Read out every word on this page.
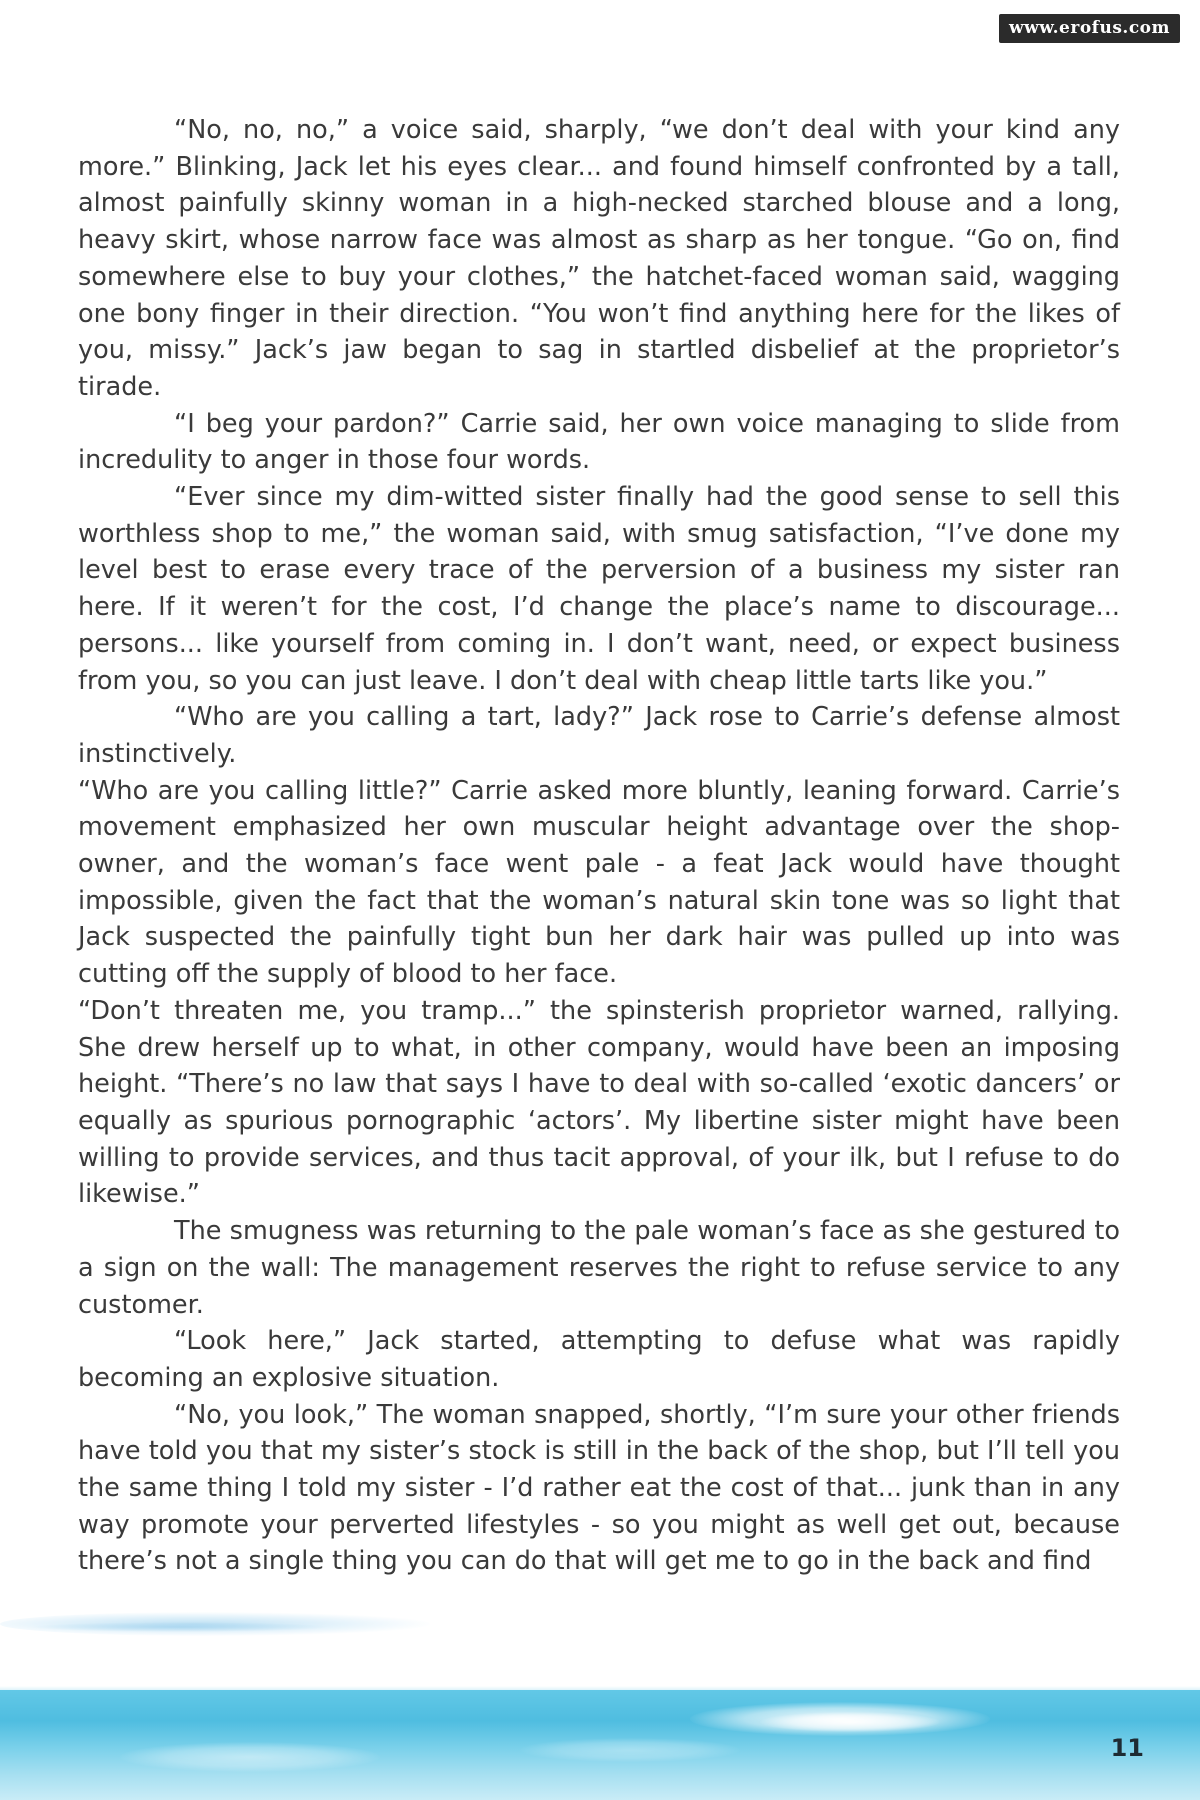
www.erofus.com

“No, no, no,” a voice said, sharply, “we don’t deal with your kind any more.” Blinking, Jack let his eyes clear... and found himself confronted by a tall, almost painfully skinny woman in a high-necked starched blouse and a long, heavy skirt, whose narrow face was almost as sharp as her tongue. “Go on, find somewhere else to buy your clothes,” the hatchet-faced woman said, wagging one bony finger in their direction. “You won’t find anything here for the likes of you, missy.” Jack’s jaw began to sag in startled disbelief at the proprietor’s tirade.

“I beg your pardon?” Carrie said, her own voice managing to slide from incredulity to anger in those four words.

“Ever since my dim-witted sister finally had the good sense to sell this worthless shop to me,” the woman said, with smug satisfaction, “I’ve done my level best to erase every trace of the perversion of a business my sister ran here. If it weren’t for the cost, I’d change the place’s name to discourage... persons... like yourself from coming in. I don’t want, need, or expect business from you, so you can just leave. I don’t deal with cheap little tarts like you.”

“Who are you calling a tart, lady?” Jack rose to Carrie’s defense almost instinctively.

“Who are you calling little?” Carrie asked more bluntly, leaning forward. Carrie’s movement emphasized her own muscular height advantage over the shop-owner, and the woman’s face went pale - a feat Jack would have thought impossible, given the fact that the woman’s natural skin tone was so light that Jack suspected the painfully tight bun her dark hair was pulled up into was cutting off the supply of blood to her face.

“Don’t threaten me, you tramp...” the spinsterish proprietor warned, rallying. She drew herself up to what, in other company, would have been an imposing height. “There’s no law that says I have to deal with so-called ‘exotic dancers’ or equally as spurious pornographic ‘actors’. My libertine sister might have been willing to provide services, and thus tacit approval, of your ilk, but I refuse to do likewise.”

The smugness was returning to the pale woman’s face as she gestured to a sign on the wall: The management reserves the right to refuse service to any customer.

“Look here,” Jack started, attempting to defuse what was rapidly becoming an explosive situation.

“No, you look,” The woman snapped, shortly, “I’m sure your other friends have told you that my sister’s stock is still in the back of the shop, but I’ll tell you the same thing I told my sister - I’d rather eat the cost of that... junk than in any way promote your perverted lifestyles - so you might as well get out, because there’s not a single thing you can do that will get me to go in the back and find

11
